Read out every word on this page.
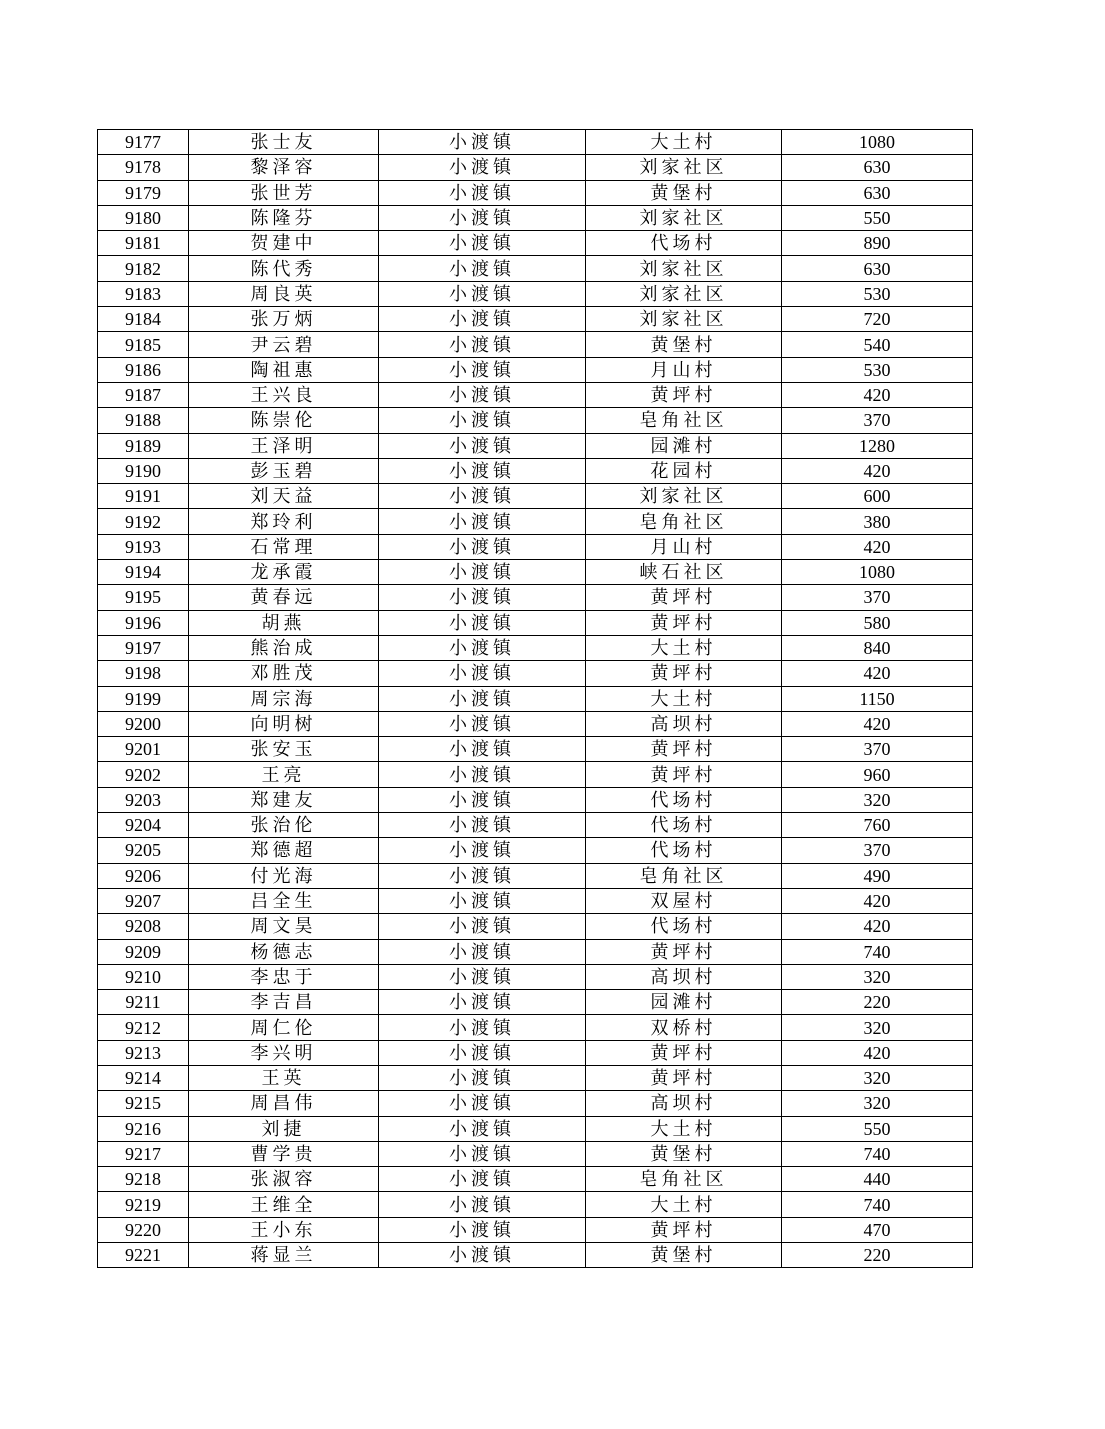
9177	张士友	小渡镇	大土村	1080
9178	黎泽容	小渡镇	刘家社区	630
9179	张世芳	小渡镇	黄堡村	630
9180	陈隆芬	小渡镇	刘家社区	550
9181	贺建中	小渡镇	代场村	890
9182	陈代秀	小渡镇	刘家社区	630
9183	周良英	小渡镇	刘家社区	530
9184	张万炳	小渡镇	刘家社区	720
9185	尹云碧	小渡镇	黄堡村	540
9186	陶祖惠	小渡镇	月山村	530
9187	王兴良	小渡镇	黄坪村	420
9188	陈崇伦	小渡镇	皂角社区	370
9189	王泽明	小渡镇	园滩村	1280
9190	彭玉碧	小渡镇	花园村	420
9191	刘天益	小渡镇	刘家社区	600
9192	郑玲利	小渡镇	皂角社区	380
9193	石常理	小渡镇	月山村	420
9194	龙承霞	小渡镇	峡石社区	1080
9195	黄春远	小渡镇	黄坪村	370
9196	胡燕	小渡镇	黄坪村	580
9197	熊治成	小渡镇	大土村	840
9198	邓胜茂	小渡镇	黄坪村	420
9199	周宗海	小渡镇	大土村	1150
9200	向明树	小渡镇	高坝村	420
9201	张安玉	小渡镇	黄坪村	370
9202	王亮	小渡镇	黄坪村	960
9203	郑建友	小渡镇	代场村	320
9204	张治伦	小渡镇	代场村	760
9205	郑德超	小渡镇	代场村	370
9206	付光海	小渡镇	皂角社区	490
9207	吕全生	小渡镇	双屋村	420
9208	周文昊	小渡镇	代场村	420
9209	杨德志	小渡镇	黄坪村	740
9210	李忠于	小渡镇	高坝村	320
9211	李吉昌	小渡镇	园滩村	220
9212	周仁伦	小渡镇	双桥村	320
9213	李兴明	小渡镇	黄坪村	420
9214	王英	小渡镇	黄坪村	320
9215	周昌伟	小渡镇	高坝村	320
9216	刘捷	小渡镇	大土村	550
9217	曹学贵	小渡镇	黄堡村	740
9218	张淑容	小渡镇	皂角社区	440
9219	王维全	小渡镇	大土村	740
9220	王小东	小渡镇	黄坪村	470
9221	蒋显兰	小渡镇	黄堡村	220
